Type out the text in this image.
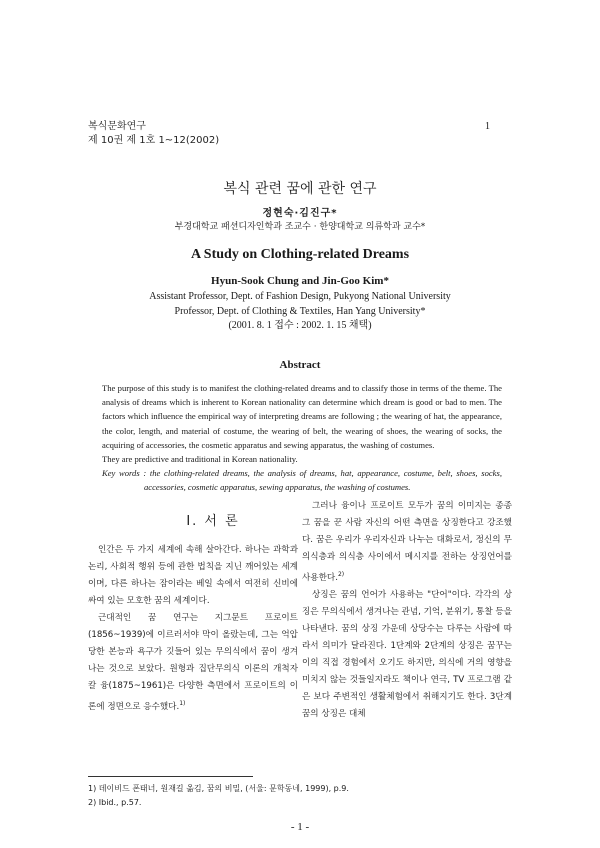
복식문화연구
제 10권 제 1호 1~12(2002)
1
복식 관련 꿈에 관한 연구
정현숙·김진구*
부경대학교 패션디자인학과 조교수 · 한양대학교 의류학과 교수*
A Study on Clothing-related Dreams
Hyun-Sook Chung and Jin-Goo Kim*
Assistant Professor, Dept. of Fashion Design, Pukyong National University
Professor, Dept. of Clothing & Textiles, Han Yang University*
(2001. 8. 1 접수 : 2002. 1. 15 채택)
Abstract

The purpose of this study is to manifest the clothing-related dreams and to classify those in terms of the theme. The analysis of dreams which is inherent to Korean nationality can determine which dream is good or bad to men. The factors which influence the empirical way of interpreting dreams are following ; the wearing of hat, the appearance, the color, length, and material of costume, the wearing of belt, the wearing of shoes, the wearing of socks, the acquiring of accessories, the cosmetic apparatus and sewing apparatus, the washing of costumes.

They are predictive and traditional in Korean nationality.

Key words : the clothing-related dreams, the analysis of dreams, hat, appearance, costume, belt, shoes, socks, accessories, cosmetic apparatus, sewing apparatus, the washing of costumes.

Ⅰ. 서 론

인간은 두 가지 세계에 속해 살아간다. 하나는 과학과 논리, 사회적 행위 등에 관한 법칙을 지닌 깨어있는 세계이며, 다른 하나는 잠이라는 베일 속에서 여전히 신비에 싸여 있는 모호한 꿈의 세계이다.

근대적인 꿈 연구는 지그문트 프로이트(1856~1939)에 이르러서야 막이 올랐는데, 그는 억압당한 본능과 욕구가 깃들어 있는 무의식에서 꿈이 생겨나는 것으로 보았다. 원형과 집단무의식 이론의 개척자 칼 융(1875~1961)은 다양한 측면에서 프로이트의 이론에 정면으로 응수했다.$^{1)}$

그러나 융이나 프로이트 모두가 꿈의 이미지는 종종 그 꿈을 꾼 사람 자신의 어떤 측면을 상징한다고 강조했다. 꿈은 우리가 우리자신과 나누는 대화로서, 정신의 무의식층과 의식층 사이에서 메시지를 전하는 상징언어를 사용한다.$^{2)}$

상징은 꿈의 언어가 사용하는 "단어"이다. 각각의 상징은 무의식에서 생겨나는 관념, 기억, 분위기, 통찰 등을 나타낸다. 꿈의 상징 가운데 상당수는 다루는 사람에 따라서 의미가 달라진다. 1단계와 2단계의 상징은 꿈꾸는 이의 직접 경험에서 오기도 하지만, 의식에 거의 영향을 미치지 않는 것들일지라도 책이나 연극, TV 프로그램 같은 보다 주변적인 생활체험에서 취해지기도 한다. 3단계 꿈의 상징은 대체

1) 데이비드 폰태너, 원재길 옮김, 꿈의 비밀, (서울: 문학동네, 1999), p.9.
2) Ibid., p.57.
- 1 -
